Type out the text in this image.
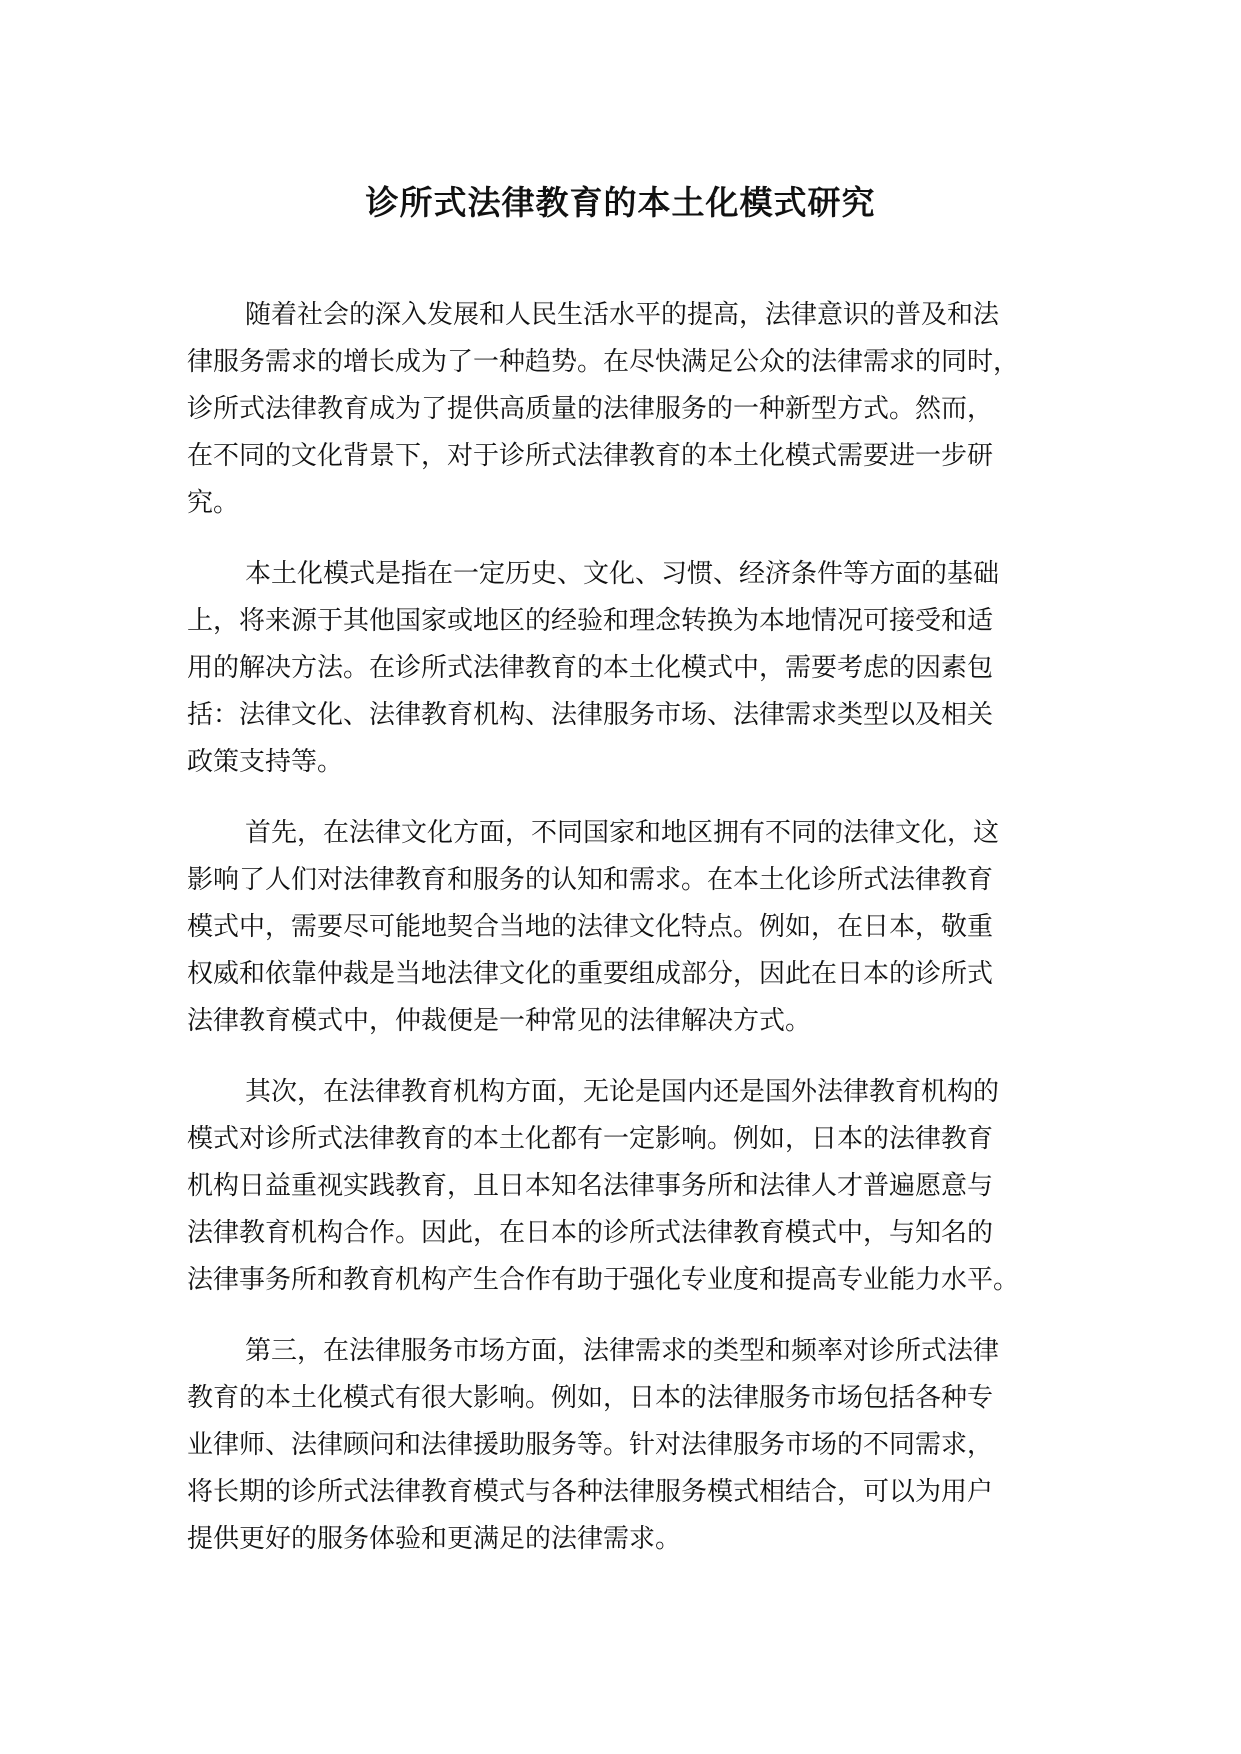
诊所式法律教育的本土化模式研究

随着社会的深入发展和人民生活水平的提高，法律意识的普及和法
律服务需求的增长成为了一种趋势。在尽快满足公众的法律需求的同时，
诊所式法律教育成为了提供高质量的法律服务的一种新型方式。然而，
在不同的文化背景下，对于诊所式法律教育的本土化模式需要进一步研
究。

本土化模式是指在一定历史、文化、习惯、经济条件等方面的基础
上，将来源于其他国家或地区的经验和理念转换为本地情况可接受和适
用的解决方法。在诊所式法律教育的本土化模式中，需要考虑的因素包
括：法律文化、法律教育机构、法律服务市场、法律需求类型以及相关
政策支持等。

首先，在法律文化方面，不同国家和地区拥有不同的法律文化，这
影响了人们对法律教育和服务的认知和需求。在本土化诊所式法律教育
模式中，需要尽可能地契合当地的法律文化特点。例如，在日本，敬重
权威和依靠仲裁是当地法律文化的重要组成部分，因此在日本的诊所式
法律教育模式中，仲裁便是一种常见的法律解决方式。

其次，在法律教育机构方面，无论是国内还是国外法律教育机构的
模式对诊所式法律教育的本土化都有一定影响。例如，日本的法律教育
机构日益重视实践教育，且日本知名法律事务所和法律人才普遍愿意与
法律教育机构合作。因此，在日本的诊所式法律教育模式中，与知名的
法律事务所和教育机构产生合作有助于强化专业度和提高专业能力水平。

第三，在法律服务市场方面，法律需求的类型和频率对诊所式法律
教育的本土化模式有很大影响。例如，日本的法律服务市场包括各种专
业律师、法律顾问和法律援助服务等。针对法律服务市场的不同需求，
将长期的诊所式法律教育模式与各种法律服务模式相结合，可以为用户
提供更好的服务体验和更满足的法律需求。
